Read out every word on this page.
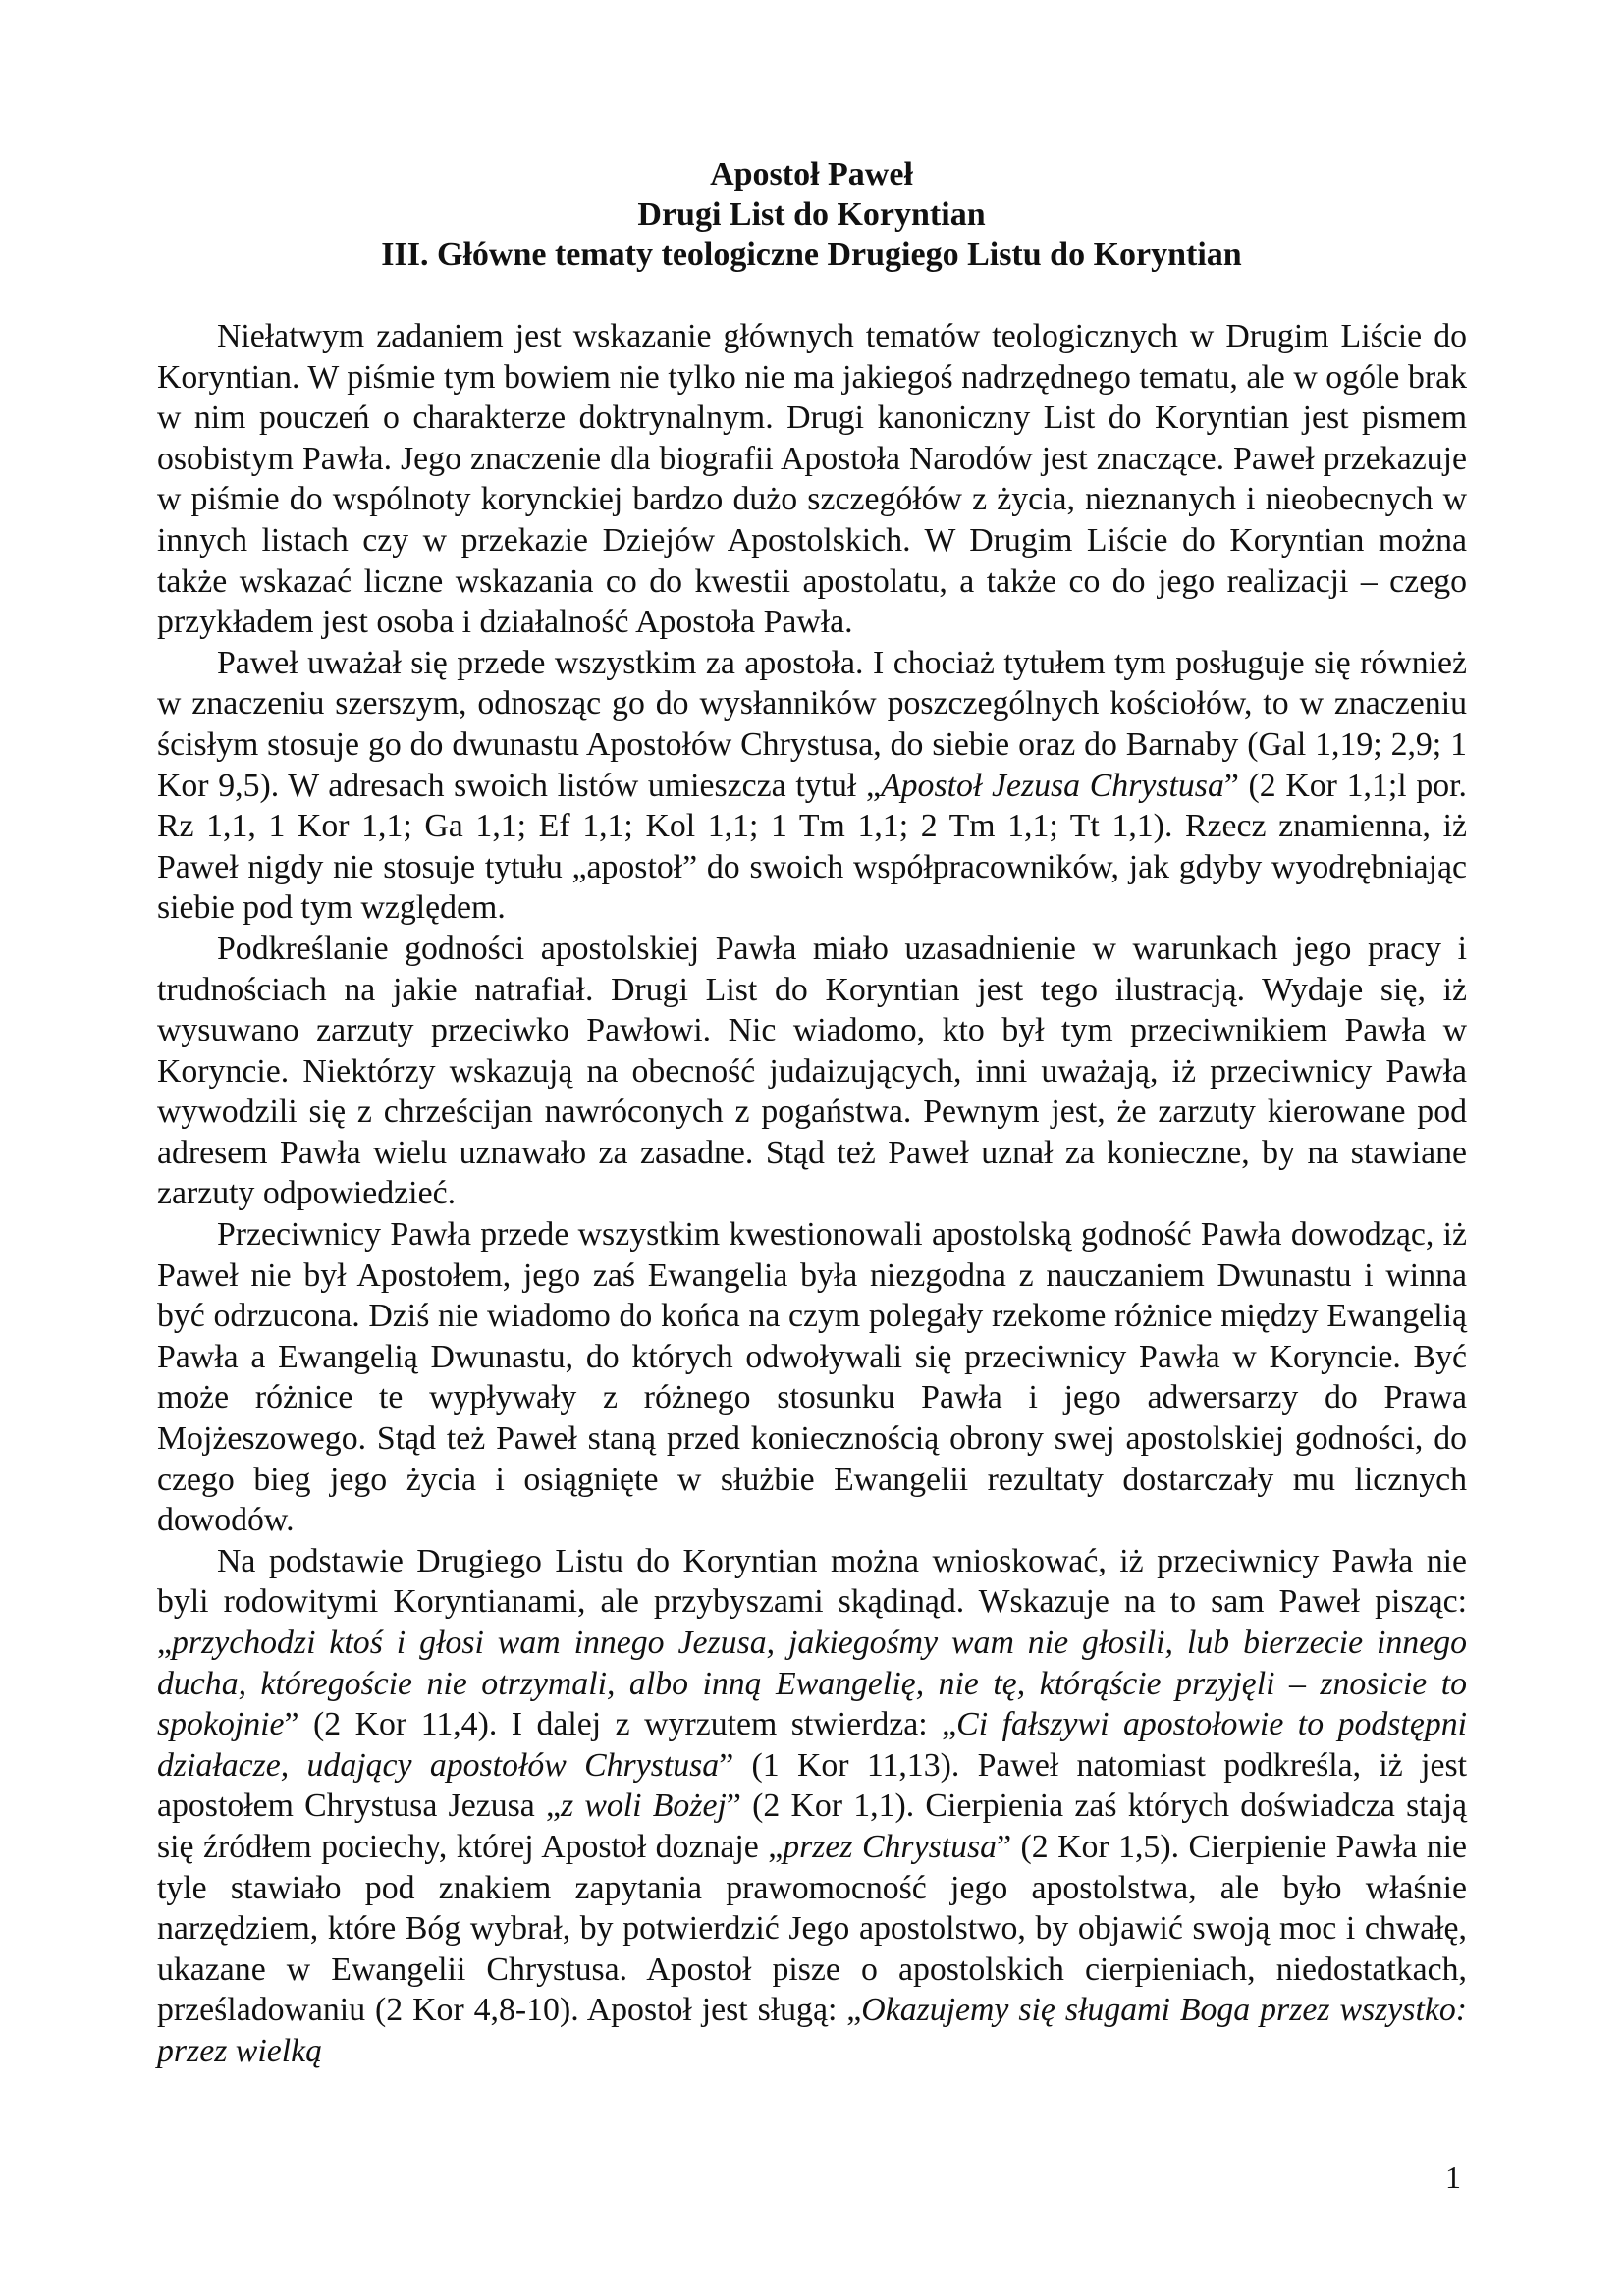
Apostoł Paweł
Drugi List do Koryntian
III. Główne tematy teologiczne Drugiego Listu do Koryntian

Niełatwym zadaniem jest wskazanie głównych tematów teologicznych w Drugim Liście do Koryntian. W piśmie tym bowiem nie tylko nie ma jakiegoś nadrzędnego tematu, ale w ogóle brak w nim pouczeń o charakterze doktrynalnym. Drugi kanoniczny List do Koryntian jest pismem osobistym Pawła. Jego znaczenie dla biografii Apostoła Narodów jest znaczące. Paweł przekazuje w piśmie do wspólnoty korynckiej bardzo dużo szczegółów z życia, nieznanych i nieobecnych w innych listach czy w przekazie Dziejów Apostolskich. W Drugim Liście do Koryntian można także wskazać liczne wskazania co do kwestii apostolatu, a także co do jego realizacji – czego przykładem jest osoba i działalność Apostoła Pawła.

Paweł uważał się przede wszystkim za apostoła. I chociaż tytułem tym posługuje się również w znaczeniu szerszym, odnosząc go do wysłanników poszczególnych kościołów, to w znaczeniu ścisłym stosuje go do dwunastu Apostołów Chrystusa, do siebie oraz do Barnaby (Gal 1,19; 2,9; 1 Kor 9,5). W adresach swoich listów umieszcza tytuł „Apostoł Jezusa Chrystusa” (2 Kor 1,1;l por. Rz 1,1, 1 Kor 1,1; Ga 1,1; Ef 1,1; Kol 1,1; 1 Tm 1,1; 2 Tm 1,1; Tt 1,1). Rzecz znamienna, iż Paweł nigdy nie stosuje tytułu „apostoł” do swoich współpracowników, jak gdyby wyodrębniając siebie pod tym względem.

Podkreślanie godności apostolskiej Pawła miało uzasadnienie w warunkach jego pracy i trudnościach na jakie natrafiał. Drugi List do Koryntian jest tego ilustracją. Wydaje się, iż wysuwano zarzuty przeciwko Pawłowi. Nic wiadomo, kto był tym przeciwnikiem Pawła w Koryncie. Niektórzy wskazują na obecność judaizujących, inni uważają, iż przeciwnicy Pawła wywodzili się z chrześcijan nawróconych z pogaństwa. Pewnym jest, że zarzuty kierowane pod adresem Pawła wielu uznawało za zasadne. Stąd też Paweł uznał za konieczne, by na stawiane zarzuty odpowiedzieć.

Przeciwnicy Pawła przede wszystkim kwestionowali apostolską godność Pawła dowodząc, iż Paweł nie był Apostołem, jego zaś Ewangelia była niezgodna z nauczaniem Dwunastu i winna być odrzucona. Dziś nie wiadomo do końca na czym polegały rzekome różnice między Ewangelią Pawła a Ewangelią Dwunastu, do których odwoływali się przeciwnicy Pawła w Koryncie. Być może różnice te wypływały z różnego stosunku Pawła i jego adwersarzy do Prawa Mojżeszowego. Stąd też Paweł staną przed koniecznością obrony swej apostolskiej godności, do czego bieg jego życia i osiągnięte w służbie Ewangelii rezultaty dostarczały mu licznych dowodów.

Na podstawie Drugiego Listu do Koryntian można wnioskować, iż przeciwnicy Pawła nie byli rodowitymi Koryntianami, ale przybyszami skądinąd. Wskazuje na to sam Paweł pisząc: „przychodzi ktoś i głosi wam innego Jezusa, jakiegośmy wam nie głosili, lub bierzecie innego ducha, któregoście nie otrzymali, albo inną Ewangelię, nie tę, którąście przyjęli – znosicie to spokojnie” (2 Kor 11,4). I dalej z wyrzutem stwierdza: „Ci fałszywi apostołowie to podstępni działacze, udający apostołów Chrystusa” (1 Kor 11,13). Paweł natomiast podkreśla, iż jest apostołem Chrystusa Jezusa „z woli Bożej” (2 Kor 1,1). Cierpienia zaś których doświadcza stają się źródłem pociechy, której Apostoł doznaje „przez Chrystusa” (2 Kor 1,5). Cierpienie Pawła nie tyle stawiało pod znakiem zapytania prawomocność jego apostolstwa, ale było właśnie narzędziem, które Bóg wybrał, by potwierdzić Jego apostolstwo, by objawić swoją moc i chwałę, ukazane w Ewangelii Chrystusa. Apostoł pisze o apostolskich cierpieniach, niedostatkach, prześladowaniu (2 Kor 4,8-10). Apostoł jest sługą: „Okazujemy się sługami Boga przez wszystko: przez wielką

1
